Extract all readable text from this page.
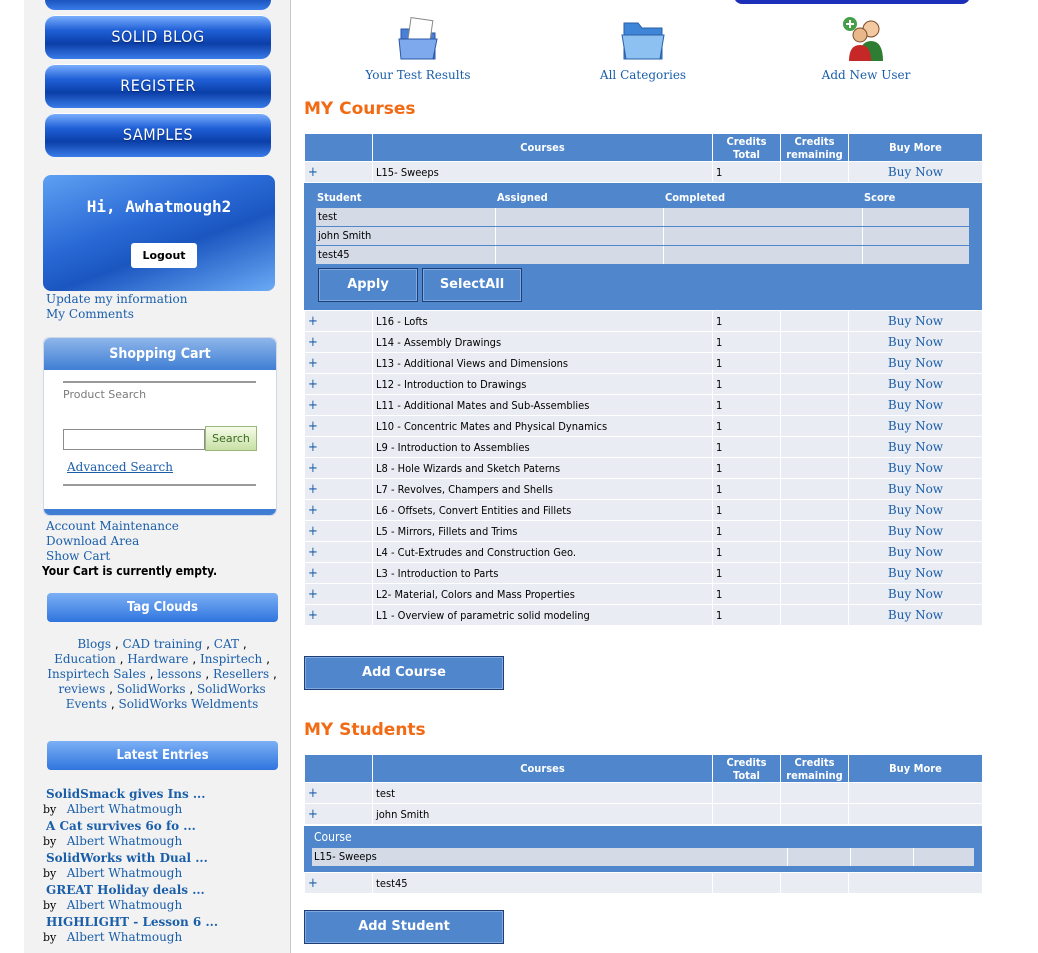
SOLID BLOG
REGISTER
SAMPLES
Hi, Awhatmough2
Logout
Update my information
My Comments
Shopping Cart
Product Search
Search
Advanced Search
Account Maintenance
Download Area
Show Cart
Your Cart is currently empty.
Tag Clouds
Blogs , CAD training , CAT ,
Education , Hardware , Inspirtech ,
Inspirtech Sales , lessons , Resellers ,
reviews , SolidWorks , SolidWorks Events , SolidWorks Weldments
Latest Entries
SolidSmack gives Ins ...
by Albert Whatmough
A Cat survives 6o fo ...
by Albert Whatmough
SolidWorks with Dual ...
by Albert Whatmough
GREAT Holiday deals ...
by Albert Whatmough
HIGHLIGHT - Lesson 6 ...
by Albert Whatmough
Your Test Results	All Categories	Add New User
MY Courses
	Courses	Credits Total	Credits remaining	Buy More
+	L15- Sweeps	1		Buy Now
Student	Assigned	Completed	Score
test
john Smith
test45
Apply	SelectAll
+	L16 - Lofts	1		Buy Now
+	L14 - Assembly Drawings	1		Buy Now
+	L13 - Additional Views and Dimensions	1		Buy Now
+	L12 - Introduction to Drawings	1		Buy Now
+	L11 - Additional Mates and Sub-Assemblies	1		Buy Now
+	L10 - Concentric Mates and Physical Dynamics	1		Buy Now
+	L9 - Introduction to Assemblies	1		Buy Now
+	L8 - Hole Wizards and Sketch Paterns	1		Buy Now
+	L7 - Revolves, Champers and Shells	1		Buy Now
+	L6 - Offsets, Convert Entities and Fillets	1		Buy Now
+	L5 - Mirrors, Fillets and Trims	1		Buy Now
+	L4 - Cut-Extrudes and Construction Geo.	1		Buy Now
+	L3 - Introduction to Parts	1		Buy Now
+	L2- Material, Colors and Mass Properties	1		Buy Now
+	L1 - Overview of parametric solid modeling	1		Buy Now
Add Course
MY Students
	Courses	Credits Total	Credits remaining	Buy More
+	test			
+	john Smith			
Course
L15- Sweeps
+	test45			
Add Student
